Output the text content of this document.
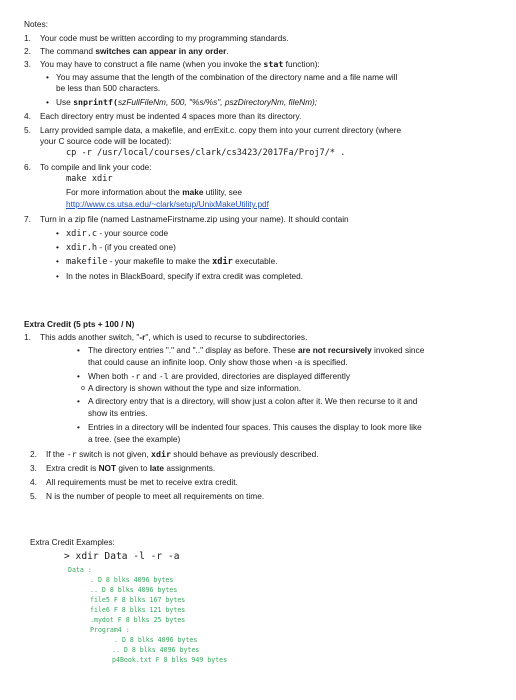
Notes:
1. Your code must be written according to my programming standards.
2. The command switches can appear in any order.
3. You may have to construct a file name (when you invoke the stat function):
• You may assume that the length of the combination of the directory name and a file name will
be less than 500 characters.
• Use snprintf(szFullFileNm, 500, "%s/%s", pszDirectoryNm, fileNm);
4. Each directory entry must be indented 4 spaces more than its directory.
5. Larry provided sample data, a makefile, and errExit.c. copy them into your current directory (where
your C source code will be located):
cp -r /usr/local/courses/clark/cs3423/2017Fa/Proj7/* .
6. To compile and link your code:
make xdir
For more information about the make utility, see
http://www.cs.utsa.edu/~clark/setup/UnixMakeUtility.pdf
7. Turn in a zip file (named LastnameFirstname.zip using your name). It should contain
• xdir.c - your source code
• xdir.h - (if you created one)
• makefile - your makefile to make the xdir executable.
• In the notes in BlackBoard, specify if extra credit was completed.
Extra Credit (5 pts + 100 / N)
1. This adds another switch, "-r", which is used to recurse to subdirectories.
• The directory entries "." and ".." display as before. These are not recursively invoked since
that could cause an infinite loop. Only show those when -a is specified.
• When both -r and -l are provided, directories are displayed differently
o A directory is shown without the type and size information.
• A directory entry that is a directory, will show just a colon after it. We then recurse to it and
show its entries.
• Entries in a directory will be indented four spaces. This causes the display to look more like
a tree. (see the example)
2. If the -r switch is not given, xdir should behave as previously described.
3. Extra credit is NOT given to late assignments.
4. All requirements must be met to receive extra credit.
5. N is the number of people to meet all requirements on time.
Extra Credit Examples:
> xdir Data -l -r -a
Data :
. D 8 blks 4096 bytes
.. D 8 blks 4096 bytes
file5 F 8 blks 167 bytes
file6 F 8 blks 121 bytes
.mydot F 8 blks 25 bytes
Program4 :
. D 8 blks 4096 bytes
.. D 8 blks 4096 bytes
p4Book.txt F 8 blks 949 bytes
